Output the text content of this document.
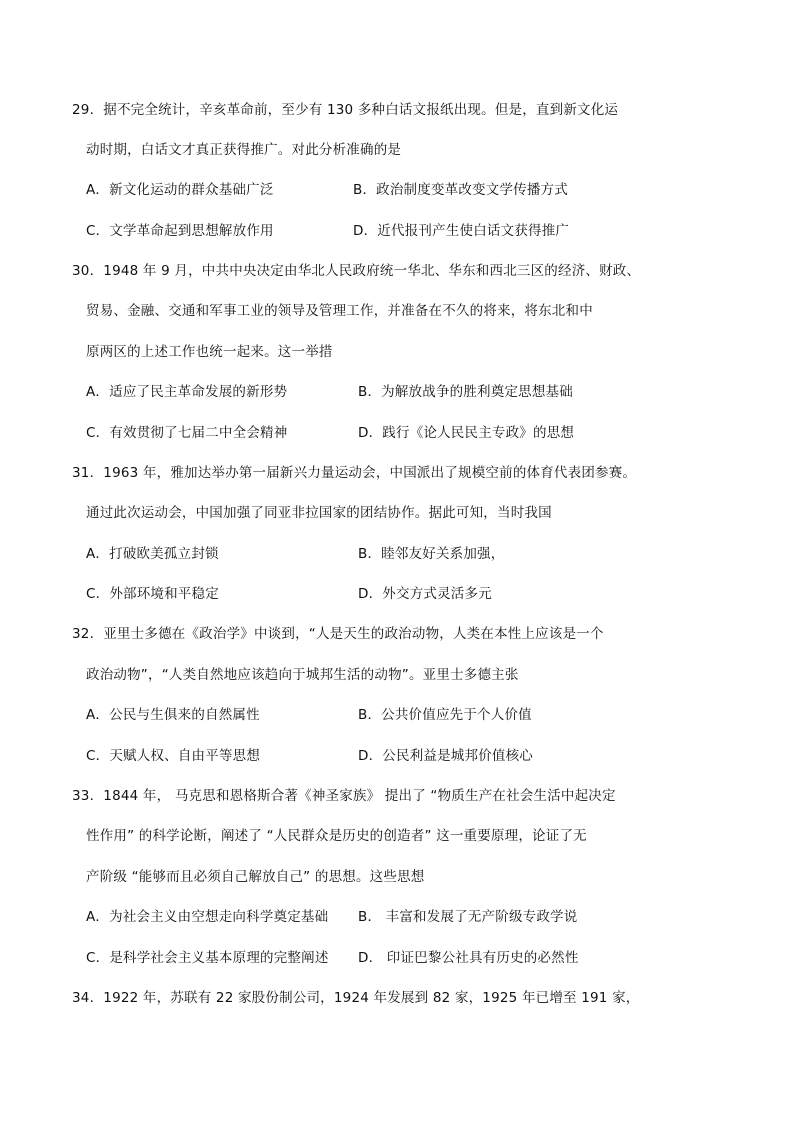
29．据不完全统计，辛亥革命前，至少有 130 多种白话文报纸出现。但是，直到新文化运
动时期，白话文才真正获得推广。对此分析准确的是
A．新文化运动的群众基础广泛	B．政治制度变革改变文学传播方式
C．文学革命起到思想解放作用	D．近代报刊产生使白话文获得推广
30．1948 年 9 月，中共中央决定由华北人民政府统一华北、华东和西北三区的经济、财政、
贸易、金融、交通和军事工业的领导及管理工作，并准备在不久的将来，将东北和中
原两区的上述工作也统一起来。这一举措
A．适应了民主革命发展的新形势	B．为解放战争的胜利奠定思想基础
C．有效贯彻了七届二中全会精神	D．践行《论人民民主专政》的思想
31．1963 年，雅加达举办第一届新兴力量运动会，中国派出了规模空前的体育代表团参赛。
通过此次运动会，中国加强了同亚非拉国家的团结协作。据此可知，当时我国
A．打破欧美孤立封锁	B．睦邻友好关系加强，
C．外部环境和平稳定	D．外交方式灵活多元
32．亚里士多德在《政治学》中谈到，“人是天生的政治动物，人类在本性上应该是一个
政治动物”，“人类自然地应该趋向于城邦生活的动物”。亚里士多德主张
A．公民与生俱来的自然属性	B．公共价值应先于个人价值
C．天赋人权、自由平等思想	D．公民利益是城邦价值核心
33．1844 年， 马克思和恩格斯合著《神圣家族》 提出了 “物质生产在社会生活中起决定
性作用” 的科学论断，阐述了 “人民群众是历史的创造者” 这一重要原理，论证了无
产阶级 “能够而且必须自己解放自己” 的思想。这些思想
A．为社会主义由空想走向科学奠定基础 B． 丰富和发展了无产阶级专政学说
C．是科学社会主义基本原理的完整阐述 D． 印证巴黎公社具有历史的必然性
34．1922 年，苏联有 22 家股份制公司，1924 年发展到 82 家，1925 年已增至 191 家，
